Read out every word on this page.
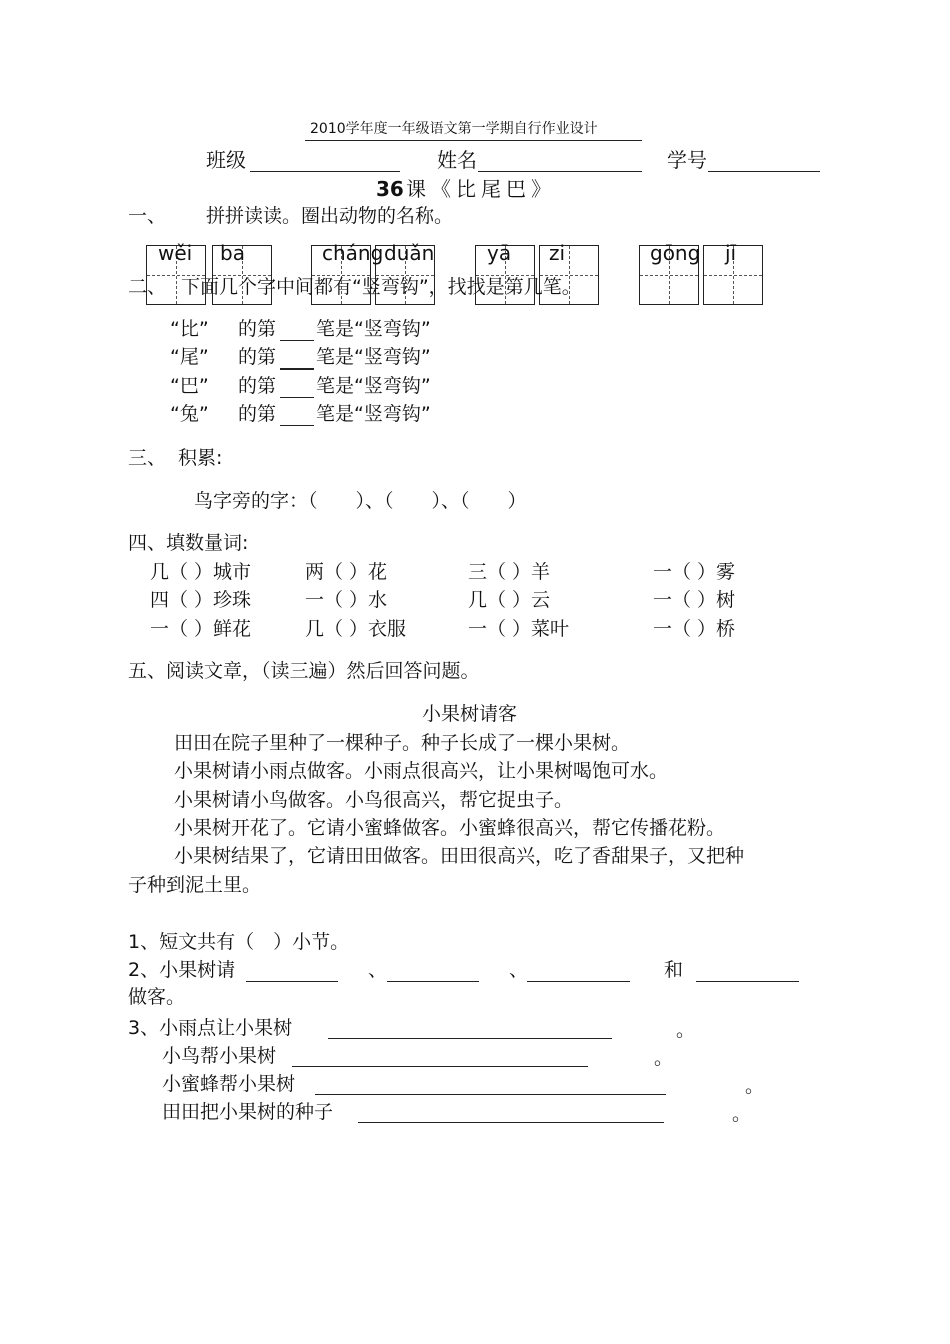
2010学年度一年级语文第一学期自行作业设计
班级	姓名	学号
36 课《比尾巴》
一、 拼拼读读。圈出动物的名称。
wěi ba	cháng duǎn	yā zi	gōng jī
二、 下面几个字中间都有“竖弯钩”，找找是第几笔。
“比” 的第 笔是“竖弯钩”
“尾” 的第 笔是“竖弯钩”
“巴” 的第 笔是“竖弯钩”
“兔” 的第 笔是“竖弯钩”
三、 积累:
鸟字旁的字：（　　）、（　　）、（　　）
四、填数量词:
几（ ）城市	两（ ）花	三（ ）羊	一（ ）雾
四（ ）珍珠	一（ ）水	几（ ）云	一（ ）树
一（ ）鲜花	几（ ）衣服	一（ ）菜叶	一（ ）桥
五、阅读文章，（读三遍）然后回答问题。
小果树请客
田田在院子里种了一棵种子。种子长成了一棵小果树。
小果树请小雨点做客。小雨点很高兴，让小果树喝饱可水。
小果树请小鸟做客。小鸟很高兴，帮它捉虫子。
小果树开花了。它请小蜜蜂做客。小蜜蜂很高兴，帮它传播花粉。
小果树结果了，它请田田做客。田田很高兴，吃了香甜果子，又把种
子种到泥土里。
1、短文共有（　）小节。
2、小果树请	、	、	和
做客。
3、小雨点让小果树	。
小鸟帮小果树	。
小蜜蜂帮小果树	。
田田把小果树的种子	。
